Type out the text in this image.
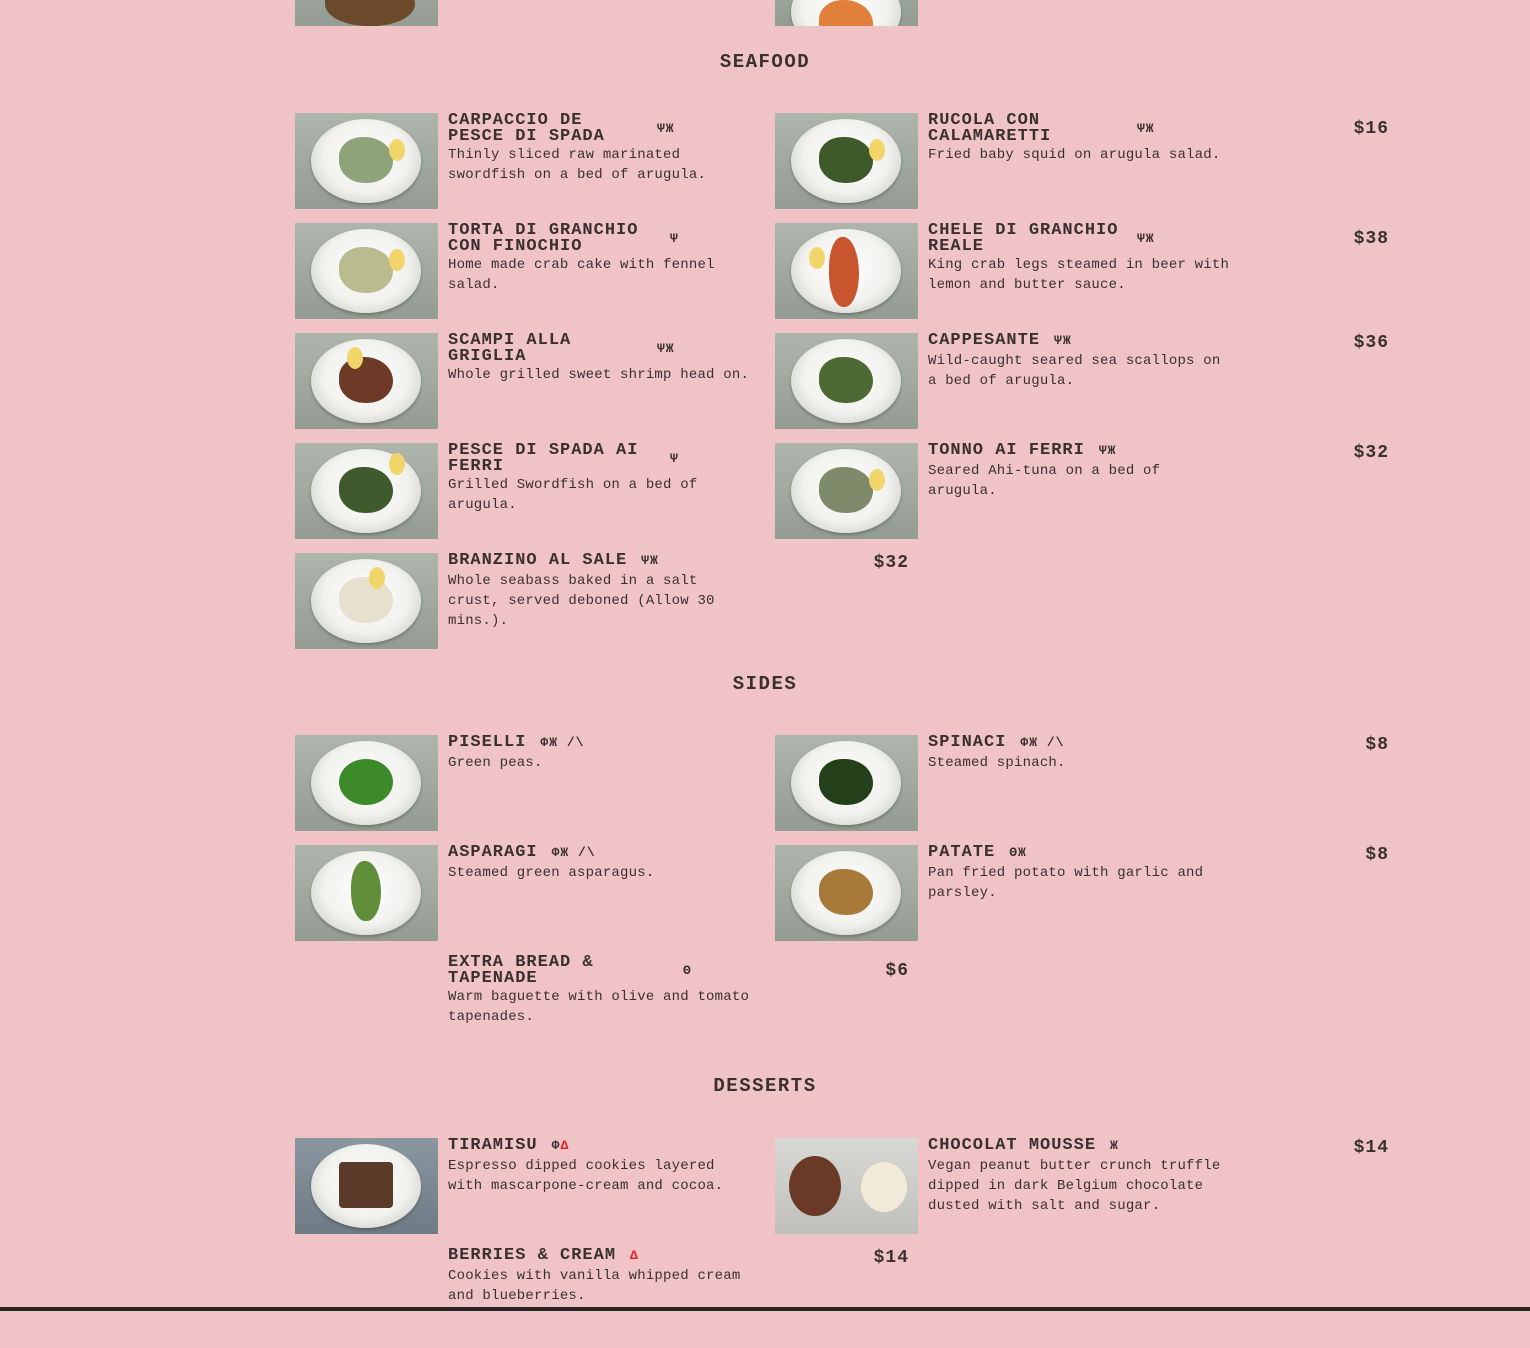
SEAFOOD
CARPACCIO DE PESCE DI SPADA	ΨЖ
Thinly sliced raw marinated swordfish on a bed of arugula.
RUCOLA CON CALAMARETTI	ΨЖ	$16
Fried baby squid on arugula salad.
TORTA DI GRANCHIO CON FINOCHIO	Ψ
Home made crab cake with fennel salad.
CHELE DI GRANCHIO REALE	ΨЖ	$38
King crab legs steamed in beer with lemon and butter sauce.
SCAMPI ALLA GRIGLIA	ΨЖ
Whole grilled sweet shrimp head on.
CAPPESANTE ΨЖ	$36
Wild-caught seared sea scallops on a bed of arugula.
PESCE DI SPADA AI FERRI	Ψ
Grilled Swordfish on a bed of arugula.
TONNO AI FERRI ΨЖ	$32
Seared Ahi-tuna on a bed of arugula.
BRANZINO AL SALE ΨЖ	$32
Whole seabass baked in a salt crust, served deboned (Allow 30 mins.).
SIDES
PISELLI ΦЖ /\
Green peas.
SPINACI ΦЖ /\	$8
Steamed spinach.
ASPARAGI ΦЖ /\
Steamed green asparagus.
PATATE ΘЖ	$8
Pan fried potato with garlic and parsley.
EXTRA BREAD & TAPENADE	Θ	$6
Warm baguette with olive and tomato tapenades.
DESSERTS
TIRAMISU ΦΔ
Espresso dipped cookies layered with mascarpone-cream and cocoa.
CHOCOLAT MOUSSE Ж	$14
Vegan peanut butter crunch truffle dipped in dark Belgium chocolate dusted with salt and sugar.
BERRIES & CREAM Δ	$14
Cookies with vanilla whipped cream and blueberries.
